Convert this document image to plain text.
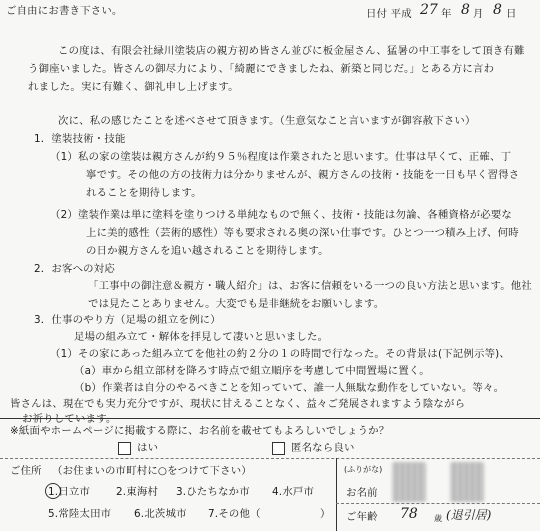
ご自由にお書き下さい。	日付 平成 27 年 8 月 8 日
この度は、有限会社緑川塗装店の親方初め皆さん並びに板金屋さん、猛暑の中工事をして頂き有難
う御座いました。皆さんの御尽力により、「綺麗にできましたね、新築と同じだ。」とある方に言わ
れました。実に有難く、御礼申し上げます。
次に、私の感じたことを述べさせて頂きます。（生意気なこと言いますが御容赦下さい）
1．塗装技術・技能
（1）私の家の塗装は親方さんが約９５％程度は作業されたと思います。仕事は早くて、正確、丁
寧です。その他の方の技術力は分かりませんが、親方さんの技術・技能を一日も早く習得さ
れることを期待します。
（2）塗装作業は単に塗料を塗りつける単純なもので無く、技術・技能は勿論、各種資格が必要な
上に美的感性（芸術的感性）等も要求される奥の深い仕事です。ひとつ一つ積み上げ、何時
の日か親方さんを追い越されることを期待します。
2．お客への対応
「工事中の御注意＆親方・職人紹介」は、お客に信頼をいる一つの良い方法と思います。他社
では見たことありません。大変でも是非継続をお願いします。
3．仕事のやり方（足場の組立を例に）
足場の組み立て・解体を拝見して凄いと思いました。
（1）その家にあった組み立てを他社の約２分の１の時間で行なった。その背景は(下記例示等)、
（a）車から組立部材を降ろす時点で組立順序を考慮して中間置場に置く。
（b）作業者は自分のやるべきことを知っていて、誰一人無駄な動作をしていない。等々。
皆さんは、現在でも実力充分ですが、現状に甘えることなく、益々ご発展されますよう陰ながら
お祈りしています。
※紙面やホームページに掲載する際に、お名前を載せてもよろしいでしょうか？
はい	匿名なら良い
ご住所 （お住まいの市町村に○をつけて下さい）
1.日立市 2.東海村 3.ひたちなか市 4.水戸市
5.常陸太田市 6.北茨城市 7.その他（	）
(ふりがな)
お名前
ご年齢 78 歳 (退引居)
